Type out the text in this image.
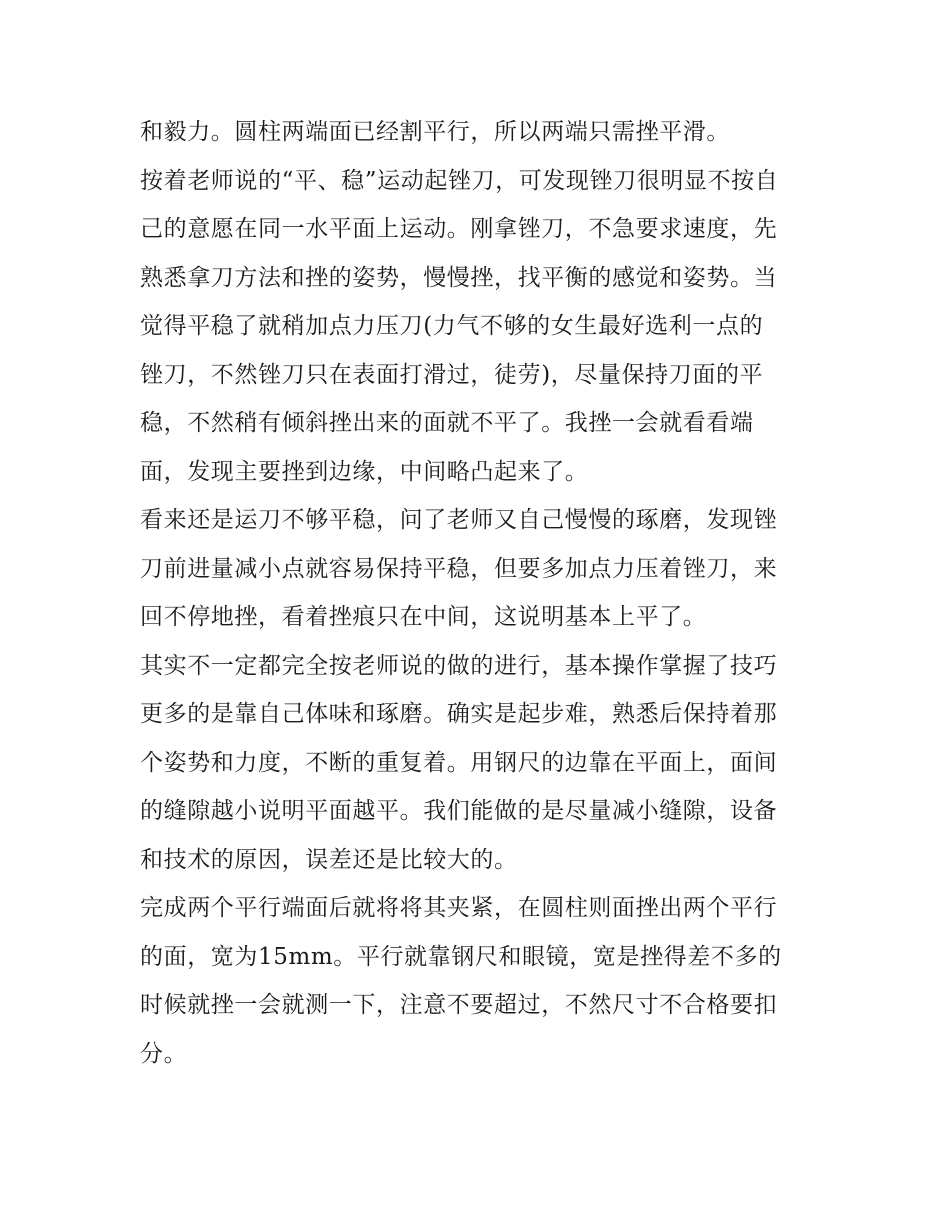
和毅力。圆柱两端面已经割平行，所以两端只需挫平滑。
按着老师说的“平、稳”运动起锉刀，可发现锉刀很明显不按自
己的意愿在同一水平面上运动。刚拿锉刀，不急要求速度，先
熟悉拿刀方法和挫的姿势，慢慢挫，找平衡的感觉和姿势。当
觉得平稳了就稍加点力压刀(力气不够的女生最好选利一点的
锉刀，不然锉刀只在表面打滑过，徒劳)，尽量保持刀面的平
稳，不然稍有倾斜挫出来的面就不平了。我挫一会就看看端
面，发现主要挫到边缘，中间略凸起来了。
看来还是运刀不够平稳，问了老师又自己慢慢的琢磨，发现锉
刀前进量减小点就容易保持平稳，但要多加点力压着锉刀，来
回不停地挫，看着挫痕只在中间，这说明基本上平了。
其实不一定都完全按老师说的做的进行，基本操作掌握了技巧
更多的是靠自己体味和琢磨。确实是起步难，熟悉后保持着那
个姿势和力度，不断的重复着。用钢尺的边靠在平面上，面间
的缝隙越小说明平面越平。我们能做的是尽量减小缝隙，设备
和技术的原因，误差还是比较大的。
完成两个平行端面后就将将其夹紧，在圆柱则面挫出两个平行
的面，宽为15mm。平行就靠钢尺和眼镜，宽是挫得差不多的
时候就挫一会就测一下，注意不要超过，不然尺寸不合格要扣
分。
